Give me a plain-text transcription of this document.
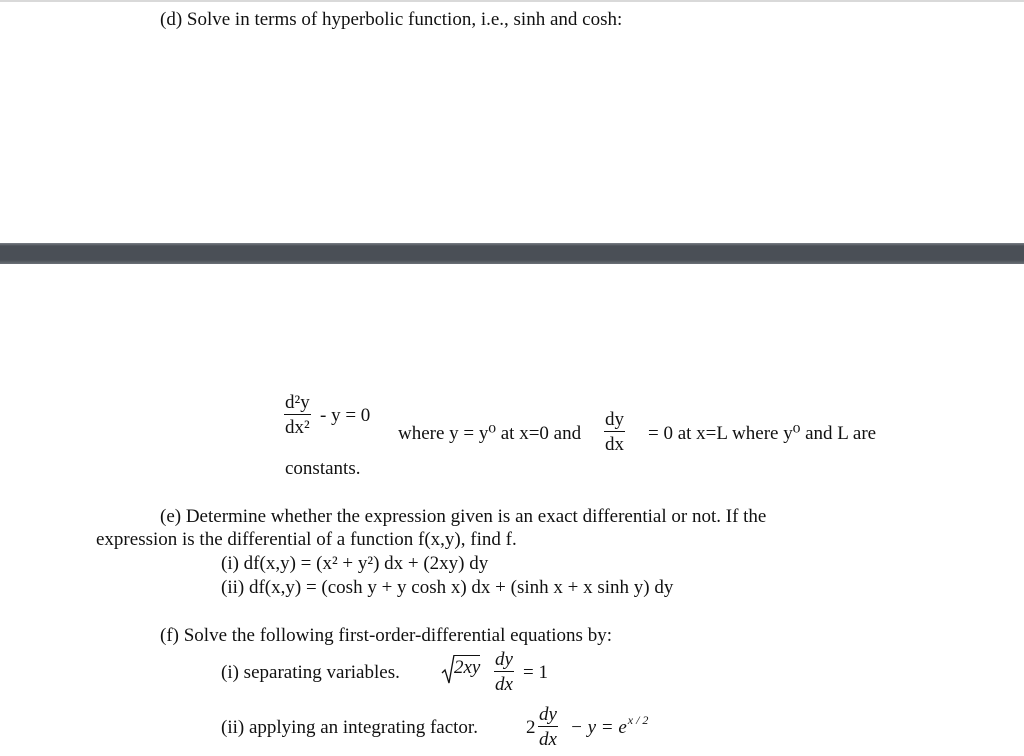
(d) Solve in terms of hyperbolic function, i.e., sinh and cosh:
d²y
dx²
- y = 0
where y = y⁰ at x=0 and
dy
dx
= 0 at x=L where y⁰ and L are
constants.
(e) Determine whether the expression given is an exact differential or not. If the
expression is the differential of a function f(x,y), find f.
(i) df(x,y) = (x² + y²) dx + (2xy) dy
(ii) df(x,y) = (cosh y + y cosh x) dx + (sinh x + x sinh y) dy
(f) Solve the following first-order-differential equations by:
(i) separating variables.	2xy dy
dx
= 1
(ii) applying an integrating factor.	2
dy
dx
− $y = e^{x / 2}$
